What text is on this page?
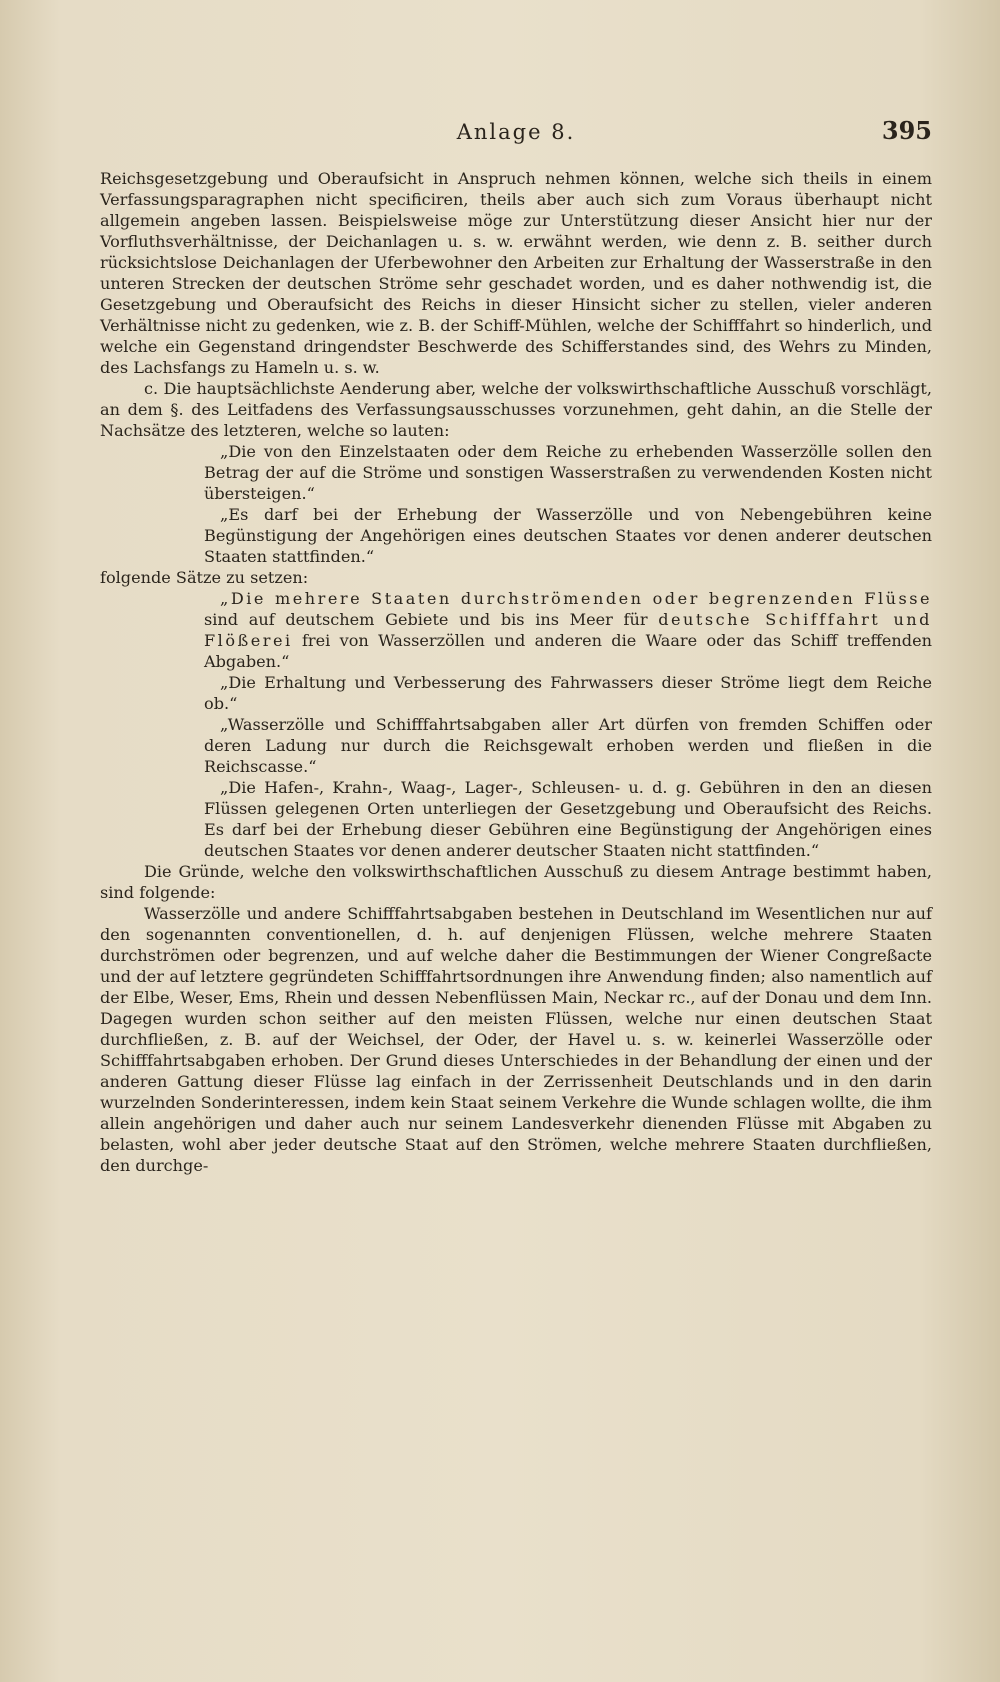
Anlage 8.	395

Reichsgesetzgebung und Oberaufsicht in Anspruch nehmen können, welche sich theils in einem Verfassungsparagraphen nicht specificiren, theils aber auch sich zum Voraus überhaupt nicht allgemein angeben lassen. Beispielsweise möge zur Unterstützung dieser Ansicht hier nur der Vorfluthsverhältnisse, der Deichanlagen u. s. w. erwähnt werden, wie denn z. B. seither durch rücksichtslose Deichanlagen der Uferbewohner den Arbeiten zur Erhaltung der Wasserstraße in den unteren Strecken der deutschen Ströme sehr geschadet worden, und es daher nothwendig ist, die Gesetzgebung und Oberaufsicht des Reichs in dieser Hinsicht sicher zu stellen, vieler anderen Verhältnisse nicht zu gedenken, wie z. B. der Schiff-Mühlen, welche der Schifffahrt so hinderlich, und welche ein Gegenstand dringendster Beschwerde des Schifferstandes sind, des Wehrs zu Minden, des Lachsfangs zu Hameln u. s. w.

c. Die hauptsächlichste Aenderung aber, welche der volkswirthschaftliche Ausschuß vorschlägt, an dem §. des Leitfadens des Verfassungsausschusses vorzunehmen, geht dahin, an die Stelle der Nachsätze des letzteren, welche so lauten:

„Die von den Einzelstaaten oder dem Reiche zu erhebenden Wasserzölle sollen den Betrag der auf die Ströme und sonstigen Wasserstraßen zu verwendenden Kosten nicht übersteigen.“

„Es darf bei der Erhebung der Wasserzölle und von Nebengebühren keine Begünstigung der Angehörigen eines deutschen Staates vor denen anderer deutschen Staaten stattfinden.“

folgende Sätze zu setzen:

„Die mehrere Staaten durchströmenden oder begrenzenden Flüsse sind auf deutschem Gebiete und bis ins Meer für deutsche Schifffahrt und Flößerei frei von Wasserzöllen und anderen die Waare oder das Schiff treffenden Abgaben.“

„Die Erhaltung und Verbesserung des Fahrwassers dieser Ströme liegt dem Reiche ob.“

„Wasserzölle und Schifffahrtsabgaben aller Art dürfen von fremden Schiffen oder deren Ladung nur durch die Reichsgewalt erhoben werden und fließen in die Reichscasse.“

„Die Hafen-, Krahn-, Waag-, Lager-, Schleusen- u. d. g. Gebühren in den an diesen Flüssen gelegenen Orten unterliegen der Gesetzgebung und Oberaufsicht des Reichs. Es darf bei der Erhebung dieser Gebühren eine Begünstigung der Angehörigen eines deutschen Staates vor denen anderer deutscher Staaten nicht stattfinden.“

Die Gründe, welche den volkswirthschaftlichen Ausschuß zu diesem Antrage bestimmt haben, sind folgende:

Wasserzölle und andere Schifffahrtsabgaben bestehen in Deutschland im Wesentlichen nur auf den sogenannten conventionellen, d. h. auf denjenigen Flüssen, welche mehrere Staaten durchströmen oder begrenzen, und auf welche daher die Bestimmungen der Wiener Congreßacte und der auf letztere gegründeten Schifffahrtsordnungen ihre Anwendung finden; also namentlich auf der Elbe, Weser, Ems, Rhein und dessen Nebenflüssen Main, Neckar rc., auf der Donau und dem Inn. Dagegen wurden schon seither auf den meisten Flüssen, welche nur einen deutschen Staat durchfließen, z. B. auf der Weichsel, der Oder, der Havel u. s. w. keinerlei Wasserzölle oder Schifffahrtsabgaben erhoben. Der Grund dieses Unterschiedes in der Behandlung der einen und der anderen Gattung dieser Flüsse lag einfach in der Zerrissenheit Deutschlands und in den darin wurzelnden Sonderinteressen, indem kein Staat seinem Verkehre die Wunde schlagen wollte, die ihm allein angehörigen und daher auch nur seinem Landesverkehr dienenden Flüsse mit Abgaben zu belasten, wohl aber jeder deutsche Staat auf den Strömen, welche mehrere Staaten durchfließen, den durchge-
